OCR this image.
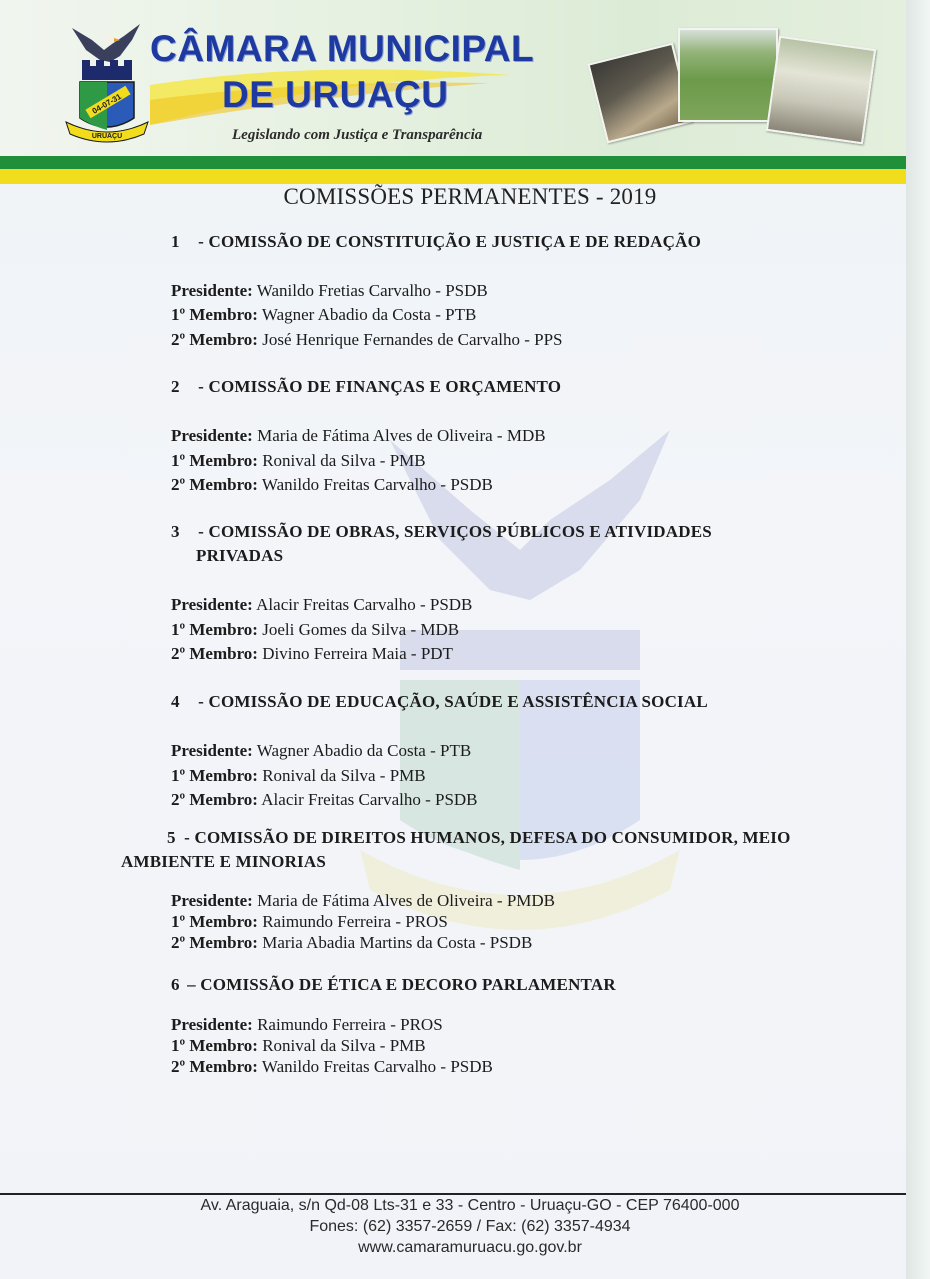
04-07-31
URUAÇU
CÂMARA MUNICIPAL
DE URUAÇU
Legislando com Justiça e Transparência
COMISSÕES PERMANENTES - 2019
1 - COMISSÃO DE CONSTITUIÇÃO E JUSTIÇA E DE REDAÇÃO
Presidente: Wanildo Fretias Carvalho - PSDB
1º Membro: Wagner Abadio da Costa - PTB
2º Membro: José Henrique Fernandes de Carvalho - PPS
2 - COMISSÃO DE FINANÇAS E ORÇAMENTO
Presidente: Maria de Fátima Alves de Oliveira - MDB
1º Membro: Ronival da Silva - PMB
2º Membro: Wanildo Freitas Carvalho - PSDB
3 - COMISSÃO DE OBRAS, SERVIÇOS PÚBLICOS E ATIVIDADES
PRIVADAS
Presidente: Alacir Freitas Carvalho - PSDB
1º Membro: Joeli Gomes da Silva - MDB
2º Membro: Divino Ferreira Maia - PDT
4 - COMISSÃO DE EDUCAÇÃO, SAÚDE E ASSISTÊNCIA SOCIAL
Presidente: Wagner Abadio da Costa - PTB
1º Membro: Ronival da Silva - PMB
2º Membro: Alacir Freitas Carvalho - PSDB
5 - COMISSÃO DE DIREITOS HUMANOS, DEFESA DO CONSUMIDOR, MEIO
AMBIENTE E MINORIAS
Presidente: Maria de Fátima Alves de Oliveira - PMDB
1º Membro: Raimundo Ferreira - PROS
2º Membro: Maria Abadia Martins da Costa - PSDB
6 – COMISSÃO DE ÉTICA E DECORO PARLAMENTAR
Presidente: Raimundo Ferreira - PROS
1º Membro: Ronival da Silva - PMB
2º Membro: Wanildo Freitas Carvalho - PSDB
Av. Araguaia, s/n Qd-08 Lts-31 e 33 - Centro - Uruaçu-GO - CEP 76400-000
Fones: (62) 3357-2659 / Fax: (62) 3357-4934
www.camaramuruacu.go.gov.br
